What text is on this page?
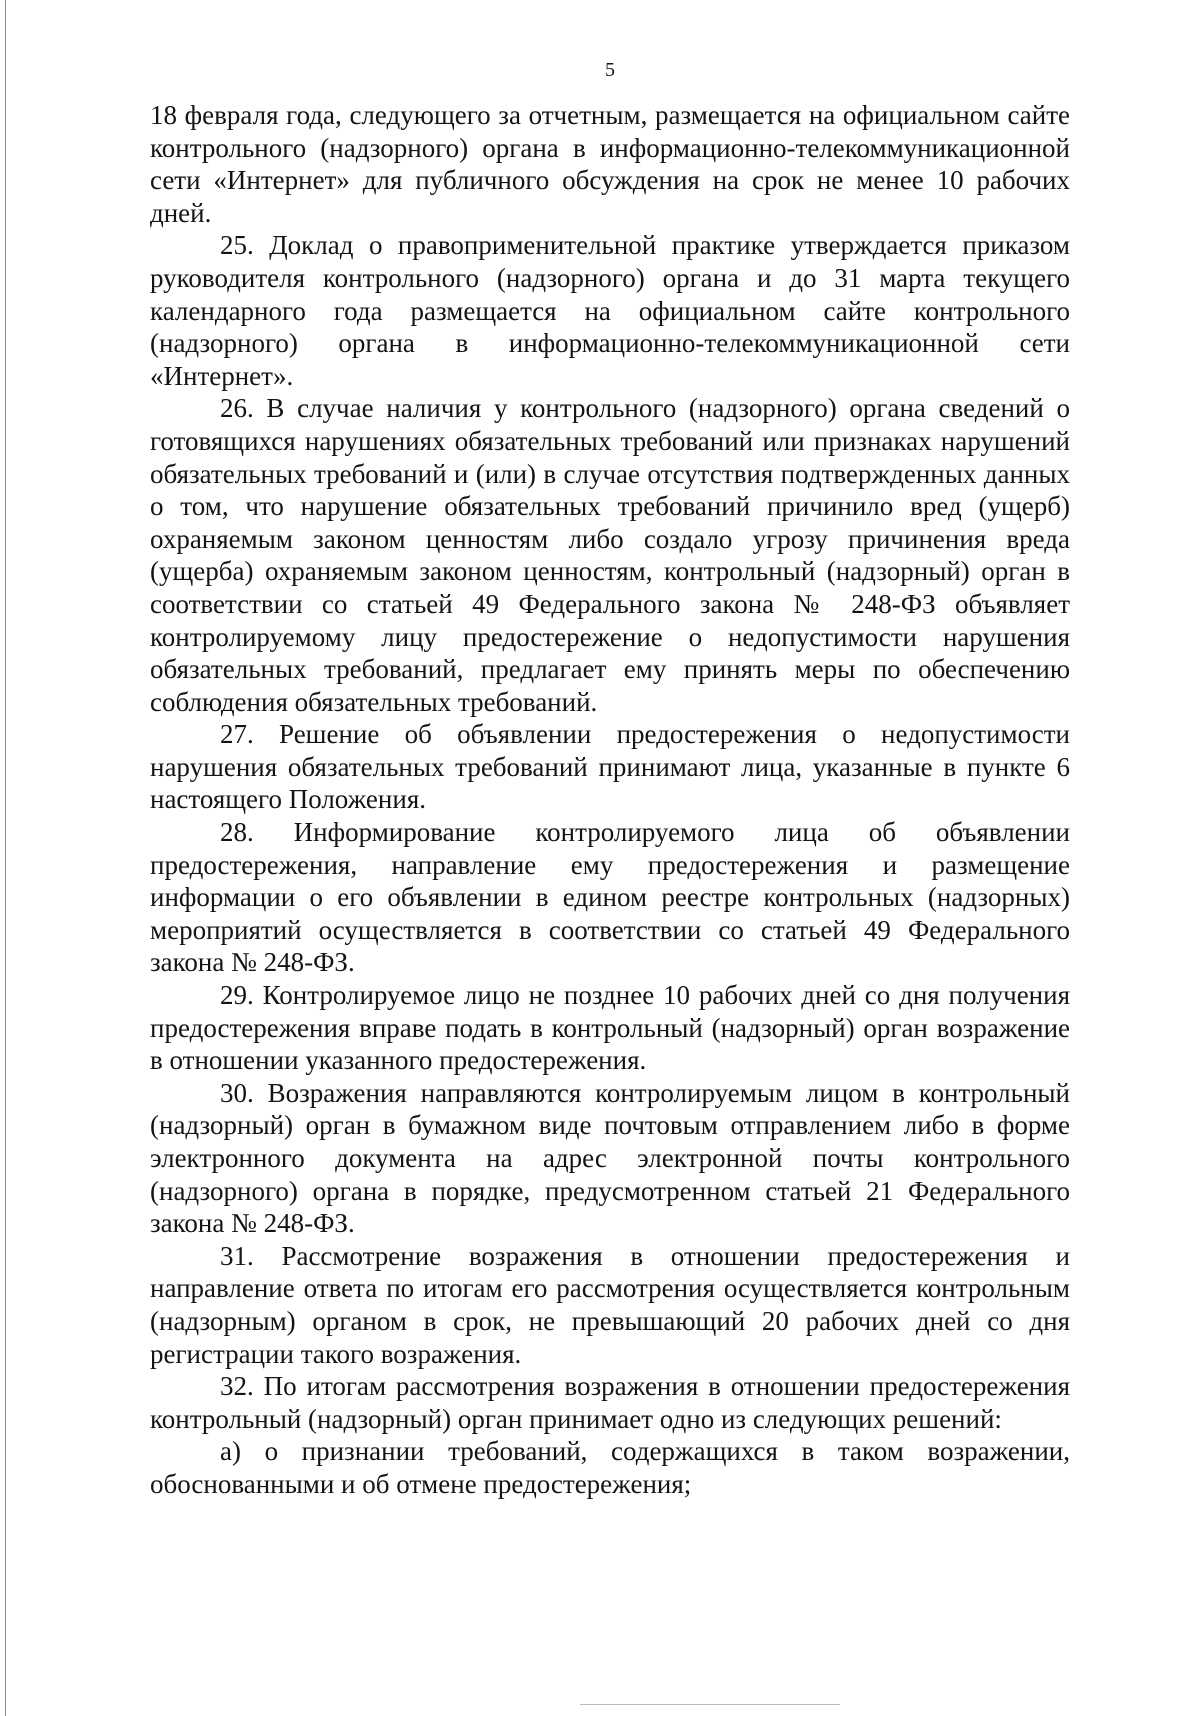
5

18 февраля года, следующего за отчетным, размещается на официальном сайте контрольного (надзорного) органа в информационно-телекоммуникационной сети «Интернет» для публичного обсуждения на срок не менее 10 рабочих дней.

25. Доклад о правоприменительной практике утверждается приказом руководителя контрольного (надзорного) органа и до 31 марта текущего календарного года размещается на официальном сайте контрольного (надзорного) органа в информационно-телекоммуникационной сети «Интернет».

26. В случае наличия у контрольного (надзорного) органа сведений о готовящихся нарушениях обязательных требований или признаках нарушений обязательных требований и (или) в случае отсутствия подтвержденных данных о том, что нарушение обязательных требований причинило вред (ущерб) охраняемым законом ценностям либо создало угрозу причинения вреда (ущерба) охраняемым законом ценностям, контрольный (надзорный) орган в соответствии со статьей 49 Федерального закона № 248-ФЗ объявляет контролируемому лицу предостережение о недопустимости нарушения обязательных требований, предлагает ему принять меры по обеспечению соблюдения обязательных требований.

27. Решение об объявлении предостережения о недопустимости нарушения обязательных требований принимают лица, указанные в пункте 6 настоящего Положения.

28. Информирование контролируемого лица об объявлении предостережения, направление ему предостережения и размещение информации о его объявлении в едином реестре контрольных (надзорных) мероприятий осуществляется в соответствии со статьей 49 Федерального закона № 248-ФЗ.

29. Контролируемое лицо не позднее 10 рабочих дней со дня получения предостережения вправе подать в контрольный (надзорный) орган возражение в отношении указанного предостережения.

30. Возражения направляются контролируемым лицом в контрольный (надзорный) орган в бумажном виде почтовым отправлением либо в форме электронного документа на адрес электронной почты контрольного (надзорного) органа в порядке, предусмотренном статьей 21 Федерального закона № 248-ФЗ.

31. Рассмотрение возражения в отношении предостережения и направление ответа по итогам его рассмотрения осуществляется контрольным (надзорным) органом в срок, не превышающий 20 рабочих дней со дня регистрации такого возражения.

32. По итогам рассмотрения возражения в отношении предостережения контрольный (надзорный) орган принимает одно из следующих решений:

а) о признании требований, содержащихся в таком возражении, обоснованными и об отмене предостережения;
